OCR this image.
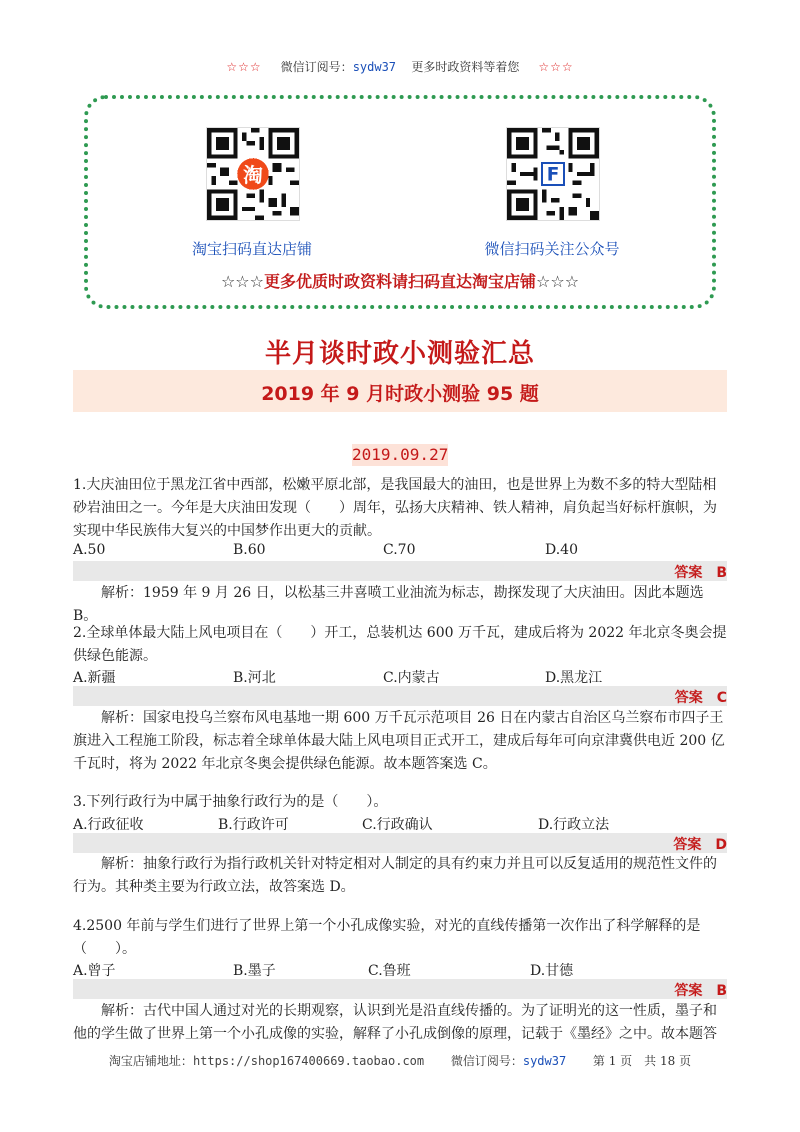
☆☆☆ 微信订阅号：sydw37 更多时政资料等着您 ☆☆☆
淘	F
淘宝扫码直达店铺	微信扫码关注公众号
☆☆☆更多优质时政资料请扫码直达淘宝店铺☆☆☆
半月谈时政小测验汇总
2019 年 9 月时政小测验 95 题
2019.09.27
1.大庆油田位于黑龙江省中西部，松嫩平原北部，是我国最大的油田，也是世界上为数不多的特大型陆相砂岩油田之一。今年是大庆油田发现（　　）周年，弘扬大庆精神、铁人精神，肩负起当好标杆旗帜，为实现中华民族伟大复兴的中国梦作出更大的贡献。
A.50	B.60	C.70	D.40
答案　B
解析：1959 年 9 月 26 日，以松基三井喜喷工业油流为标志，勘探发现了大庆油田。因此本题选 B。
2.全球单体最大陆上风电项目在（　　）开工，总装机达 600 万千瓦，建成后将为 2022 年北京冬奥会提供绿色能源。
A.新疆	B.河北	C.内蒙古	D.黑龙江
答案　C
解析：国家电投乌兰察布风电基地一期 600 万千瓦示范项目 26 日在内蒙古自治区乌兰察布市四子王旗进入工程施工阶段，标志着全球单体最大陆上风电项目正式开工，建成后每年可向京津冀供电近 200 亿千瓦时，将为 2022 年北京冬奥会提供绿色能源。故本题答案选 C。
3.下列行政行为中属于抽象行政行为的是（　　）。
A.行政征收	B.行政许可	C.行政确认	D.行政立法
答案　D
解析：抽象行政行为指行政机关针对特定相对人制定的具有约束力并且可以反复适用的规范性文件的行为。其种类主要为行政立法，故答案选 D。
4.2500 年前与学生们进行了世界上第一个小孔成像实验，对光的直线传播第一次作出了科学解释的是（　　）。
A.曾子	B.墨子	C.鲁班	D.甘德
答案　B
解析：古代中国人通过对光的长期观察，认识到光是沿直线传播的。为了证明光的这一性质，墨子和他的学生做了世界上第一个小孔成像的实验，解释了小孔成倒像的原理，记载于《墨经》之中。故本题答
淘宝店铺地址：https://shop167400669.taobao.com 微信订阅号：sydw37 第 1 页　共 18 页
